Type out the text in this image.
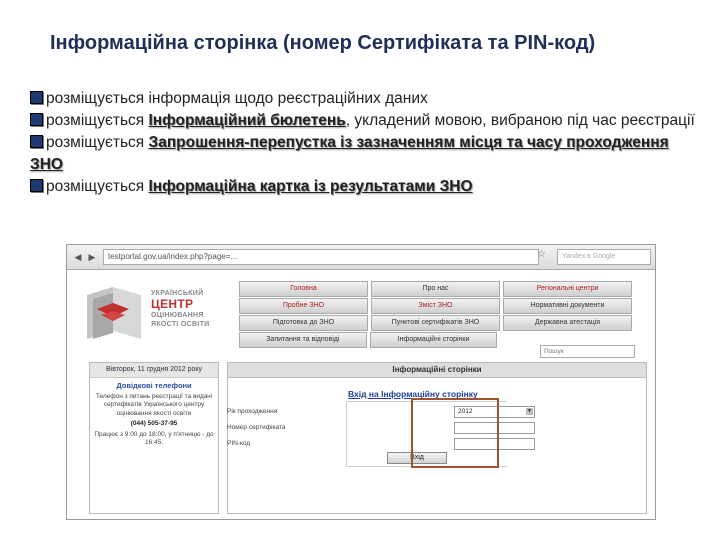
Інформаційна сторінка (номер Сертифіката та PIN-код)

розміщується інформація щодо реєстраційних даних

розміщується Інформаційний бюлетень, укладений мовою, вибраною під час реєстрації

розміщується Запрошення-перепустка із зазначенням місця та часу проходження ЗНО

розміщується Інформаційна картка із результатами ЗНО

◀ ▶	testportal.gov.ua/index.php?page=...	☆	Yandex в Google
УКРАЇНСЬКИЙ
ЦЕНТР
ОЦІНЮВАННЯ
ЯКОСТІ ОСВІТИ
Головна	Про нас	Регіональні центри
Пробне ЗНО	Зміст ЗНО	Нормативні документи
Підготовка до ЗНО	Пунктові сертифікатів ЗНО	Державна атестація
Запитання та відповіді	Інформаційні сторінки
Пошук
Вівторок, 11 грудня 2012 року
Довідкові телефони
Телефон з питань реєстрації та видачі сертифікатів Українського центру оцінювання якості освіти
(044) 505-37-95
Працює з 9:00 до 18:00, у п'ятницю - до 16:45.
Інформаційні сторінки
Вхід на Інформаційну сторінку
Рік проходження	2012	▼
Номер сертифіката
PIN-код
Вхід
